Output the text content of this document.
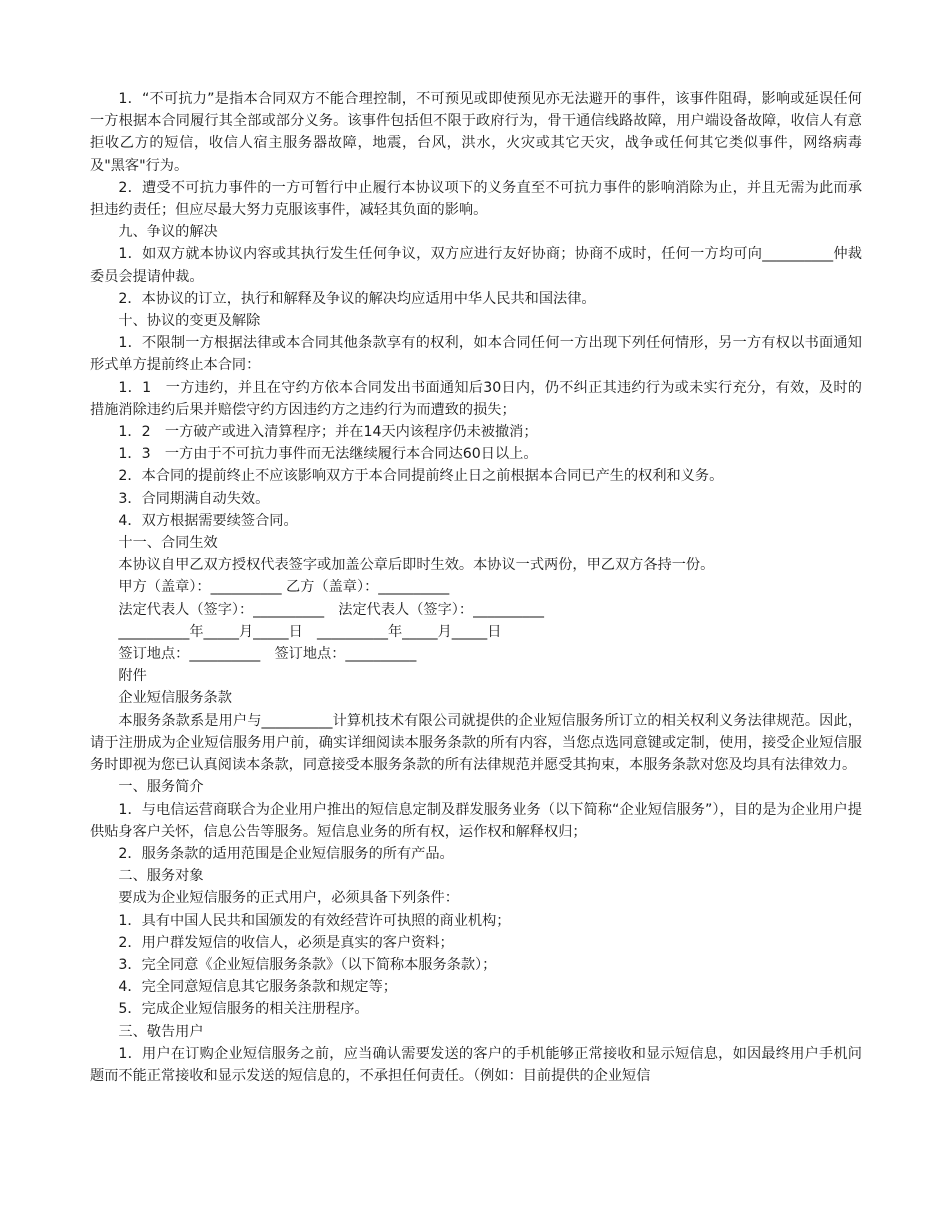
1．“不可抗力”是指本合同双方不能合理控制，不可预见或即使预见亦无法避开的事件，该事件阻碍，影响或延误任何一方根据本合同履行其全部或部分义务。该事件包括但不限于政府行为，骨干通信线路故障，用户端设备故障，收信人有意拒收乙方的短信，收信人宿主服务器故障，地震，台风，洪水，火灾或其它天灾，战争或任何其它类似事件，网络病毒及"黑客"行为。

2．遭受不可抗力事件的一方可暂行中止履行本协议项下的义务直至不可抗力事件的影响消除为止，并且无需为此而承担违约责任；但应尽最大努力克服该事件，减轻其负面的影响。

九、争议的解决

1．如双方就本协议内容或其执行发生任何争议，双方应进行友好协商；协商不成时，任何一方均可向__________仲裁委员会提请仲裁。

2．本协议的订立，执行和解释及争议的解决均应适用中华人民共和国法律。

十、协议的变更及解除

1．不限制一方根据法律或本合同其他条款享有的权利，如本合同任何一方出现下列任何情形，另一方有权以书面通知形式单方提前终止本合同：

1．1　一方违约，并且在守约方依本合同发出书面通知后30日内，仍不纠正其违约行为或未实行充分，有效，及时的措施消除违约后果并赔偿守约方因违约方之违约行为而遭致的损失；

1．2　一方破产或进入清算程序；并在14天内该程序仍未被撤消；

1．3　一方由于不可抗力事件而无法继续履行本合同达60日以上。

2．本合同的提前终止不应该影响双方于本合同提前终止日之前根据本合同已产生的权利和义务。

3．合同期满自动失效。

4．双方根据需要续签合同。

十一、合同生效

本协议自甲乙双方授权代表签字或加盖公章后即时生效。本协议一式两份，甲乙双方各持一份。

甲方（盖章）：__________ 乙方（盖章）：__________

法定代表人（签字）：__________　法定代表人（签字）：__________

__________年_____月_____日　__________年_____月_____日

签订地点：__________　签订地点：__________

附件

企业短信服务条款

本服务条款系是用户与__________计算机技术有限公司就提供的企业短信服务所订立的相关权利义务法律规范。因此，请于注册成为企业短信服务用户前，确实详细阅读本服务条款的所有内容，当您点选同意键或定制，使用，接受企业短信服务时即视为您已认真阅读本条款，同意接受本服务条款的所有法律规范并愿受其拘束，本服务条款对您及均具有法律效力。

一、服务简介

1．与电信运营商联合为企业用户推出的短信息定制及群发服务业务（以下简称“企业短信服务”），目的是为企业用户提供贴身客户关怀，信息公告等服务。短信息业务的所有权，运作权和解释权归；

2．服务条款的适用范围是企业短信服务的所有产品。

二、服务对象

要成为企业短信服务的正式用户，必须具备下列条件：

1．具有中国人民共和国颁发的有效经营许可执照的商业机构；

2．用户群发短信的收信人，必须是真实的客户资料；

3．完全同意《企业短信服务条款》（以下简称本服务条款）；

4．完全同意短信息其它服务条款和规定等；

5．完成企业短信服务的相关注册程序。

三、敬告用户

1．用户在订购企业短信服务之前，应当确认需要发送的客户的手机能够正常接收和显示短信息，如因最终用户手机问题而不能正常接收和显示发送的短信息的，不承担任何责任。（例如：目前提供的企业短信
